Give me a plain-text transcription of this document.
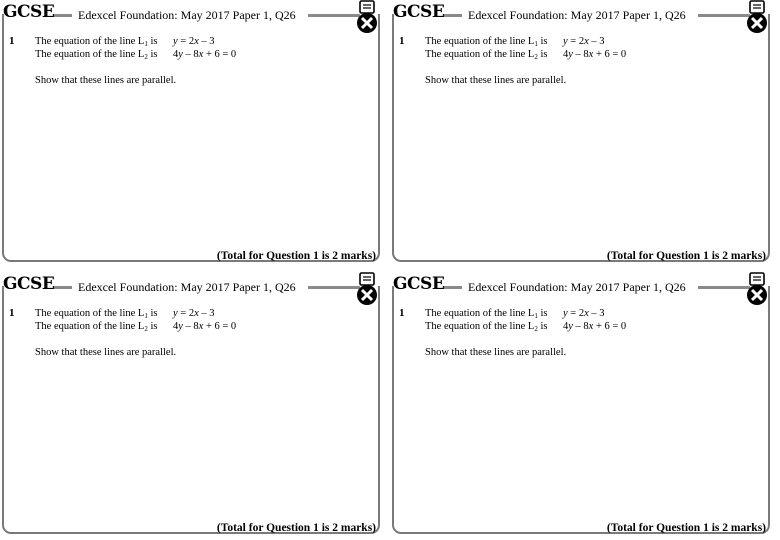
GCSE Edexcel Foundation: May 2017 Paper 1, Q26
1 The equation of the line $L_1$ is y = 2x – 3
The equation of the line $L_2$ is 4y – 8x + 6 = 0
Show that these lines are parallel.
(Total for Question 1 is 2 marks)
GCSE Edexcel Foundation: May 2017 Paper 1, Q26
1 The equation of the line $L_1$ is y = 2x – 3
The equation of the line $L_2$ is 4y – 8x + 6 = 0
Show that these lines are parallel.
(Total for Question 1 is 2 marks)
GCSE Edexcel Foundation: May 2017 Paper 1, Q26
1 The equation of the line $L_1$ is y = 2x – 3
The equation of the line $L_2$ is 4y – 8x + 6 = 0
Show that these lines are parallel.
(Total for Question 1 is 2 marks)
GCSE Edexcel Foundation: May 2017 Paper 1, Q26
1 The equation of the line $L_1$ is y = 2x – 3
The equation of the line $L_2$ is 4y – 8x + 6 = 0
Show that these lines are parallel.
(Total for Question 1 is 2 marks)
